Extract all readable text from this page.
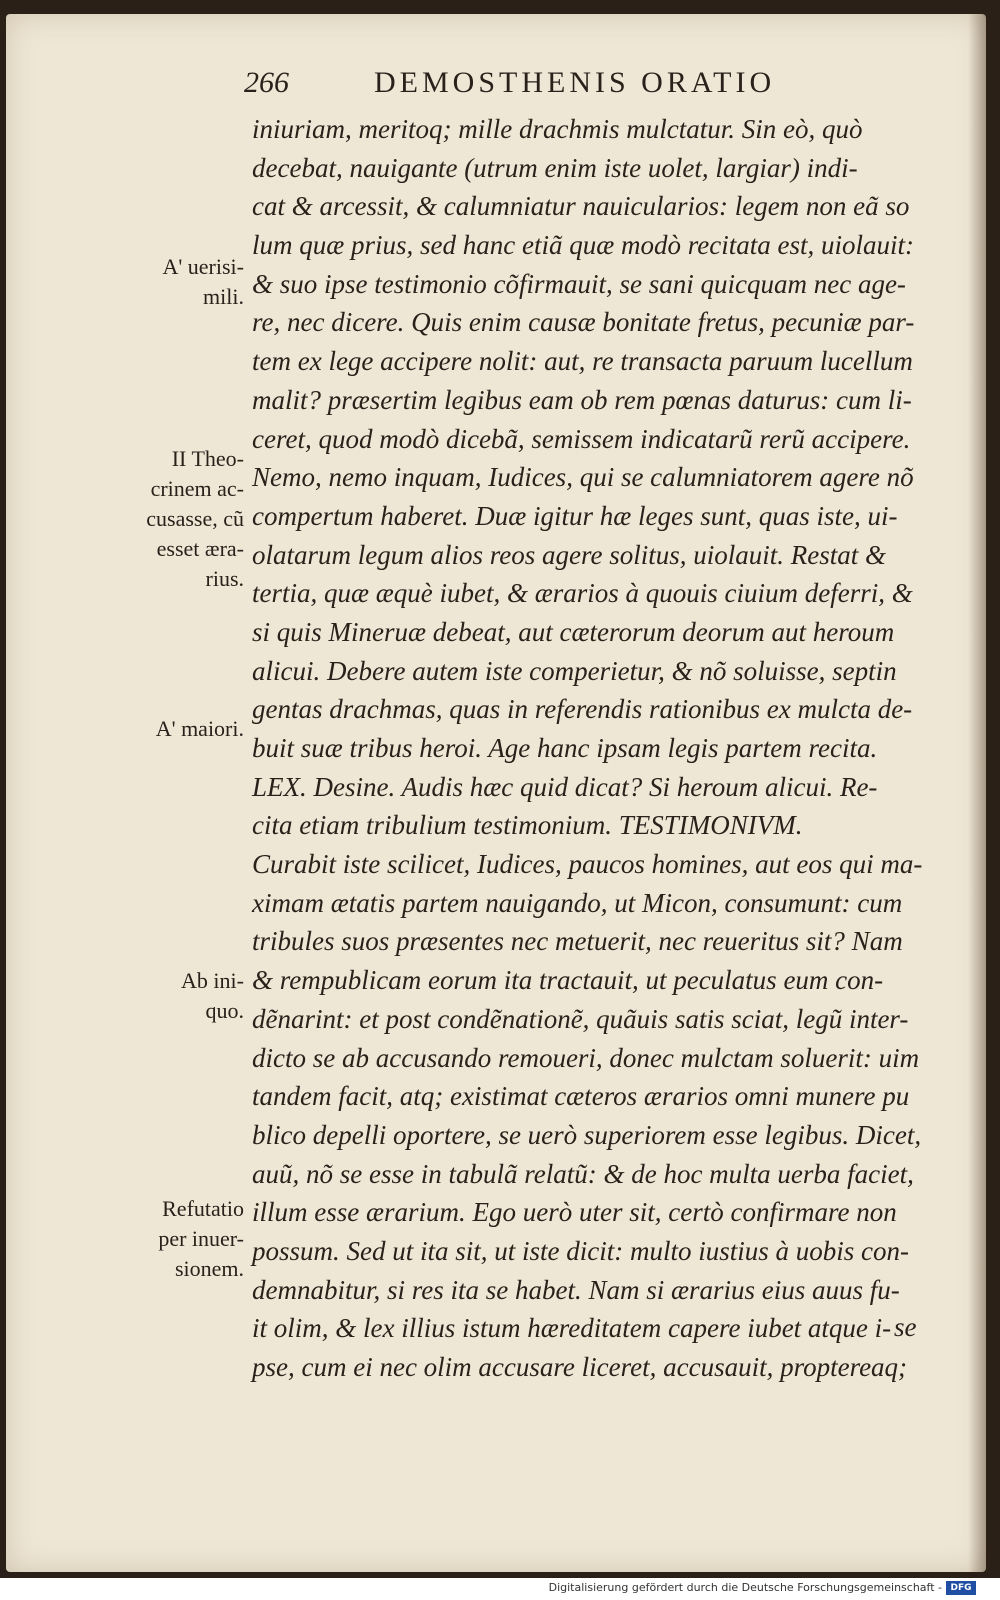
266	DEMOSTHENIS ORATIO
A' uerisi-
mili.
II Theo-
crinem ac-
cusasse, cũ
esset æra-
rius.
A' maiori.
Ab ini-
quo.
Refutatio
per inuer-
sionem.
iniuriam, meritoq; mille drachmis mulctatur. Sin eò, quò
decebat, nauigante (utrum enim iste uolet, largiar) indi-
cat & arcessit, & calumniatur nauicularios: legem non eã so
lum quæ prius, sed hanc etiã quæ modò recitata est, uiolauit:
& suo ipse testimonio cõfirmauit, se sani quicquam nec age-
re, nec dicere. Quis enim causæ bonitate fretus, pecuniæ par-
tem ex lege accipere nolit: aut, re transacta paruum lucellum
malit? præsertim legibus eam ob rem pœnas daturus: cum li-
ceret, quod modò dicebã, semissem indicatarũ rerũ accipere.
Nemo, nemo inquam, Iudices, qui se calumniatorem agere nõ
compertum haberet. Duæ igitur hæ leges sunt, quas iste, ui-
olatarum legum alios reos agere solitus, uiolauit. Restat &
tertia, quæ æquè iubet, & ærarios à quouis ciuium deferri, &
si quis Mineruæ debeat, aut cæterorum deorum aut heroum
alicui. Debere autem iste comperietur, & nõ soluisse, septin
gentas drachmas, quas in referendis rationibus ex mulcta de-
buit suæ tribus heroi. Age hanc ipsam legis partem recita.
LEX. Desine. Audis hæc quid dicat? Si heroum alicui. Re-
cita etiam tribulium testimonium. TESTIMONIVM.
Curabit iste scilicet, Iudices, paucos homines, aut eos qui ma-
ximam ætatis partem nauigando, ut Micon, consumunt: cum
tribules suos præsentes nec metuerit, nec reueritus sit? Nam
& rempublicam eorum ita tractauit, ut peculatus eum con-
dẽnarint: et post condẽnationẽ, quãuis satis sciat, legũ inter-
dicto se ab accusando remoueri, donec mulctam soluerit: uim
tandem facit, atq; existimat cæteros ærarios omni munere pu
blico depelli oportere, se uerò superiorem esse legibus. Dicet,
auũ, nõ se esse in tabulã relatũ: & de hoc multa uerba faciet,
illum esse ærarium. Ego uerò uter sit, certò confirmare non
possum. Sed ut ita sit, ut iste dicit: multo iustius à uobis con-
demnabitur, si res ita se habet. Nam si ærarius eius auus fu-
it olim, & lex illius istum hæreditatem capere iubet atque i-
pse, cum ei nec olim accusare liceret, accusauit, proptereaq;
se
Digitalisierung gefördert durch die Deutsche Forschungsgemeinschaft - DFG
